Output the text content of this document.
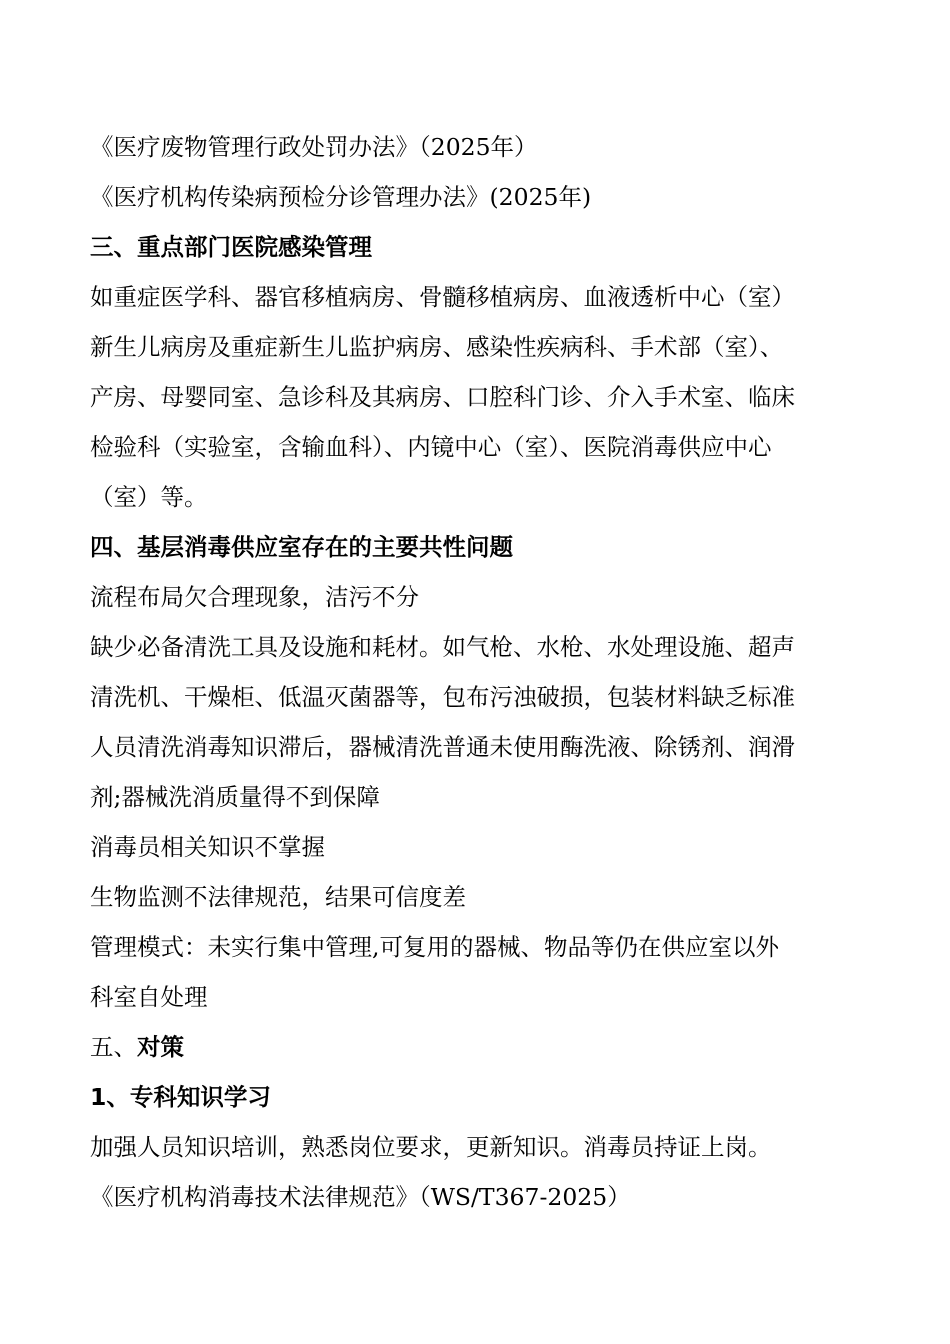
《医疗废物管理行政处罚办法》（2025年）
《医疗机构传染病预检分诊管理办法》(2025年)
三、重点部门医院感染管理
如重症医学科、器官移植病房、骨髓移植病房、血液透析中心（室）
新生儿病房及重症新生儿监护病房、感染性疾病科、手术部（室）、
产房、母婴同室、急诊科及其病房、口腔科门诊、介入手术室、临床
检验科（实验室，含输血科）、内镜中心（室）、医院消毒供应中心
（室）等。
四、基层消毒供应室存在的主要共性问题
流程布局欠合理现象，洁污不分
缺少必备清洗工具及设施和耗材。如气枪、水枪、水处理设施、超声
清洗机、干燥柜、低温灭菌器等，包布污浊破损，包装材料缺乏标准
人员清洗消毒知识滞后，器械清洗普通未使用酶洗液、除锈剂、润滑
剂;器械洗消质量得不到保障
消毒员相关知识不掌握
生物监测不法律规范，结果可信度差
管理模式：未实行集中管理,可复用的器械、物品等仍在供应室以外
科室自处理
五、对策
1、专科知识学习
加强人员知识培训，熟悉岗位要求，更新知识。消毒员持证上岗。
《医疗机构消毒技术法律规范》（WS/T367-2025）
